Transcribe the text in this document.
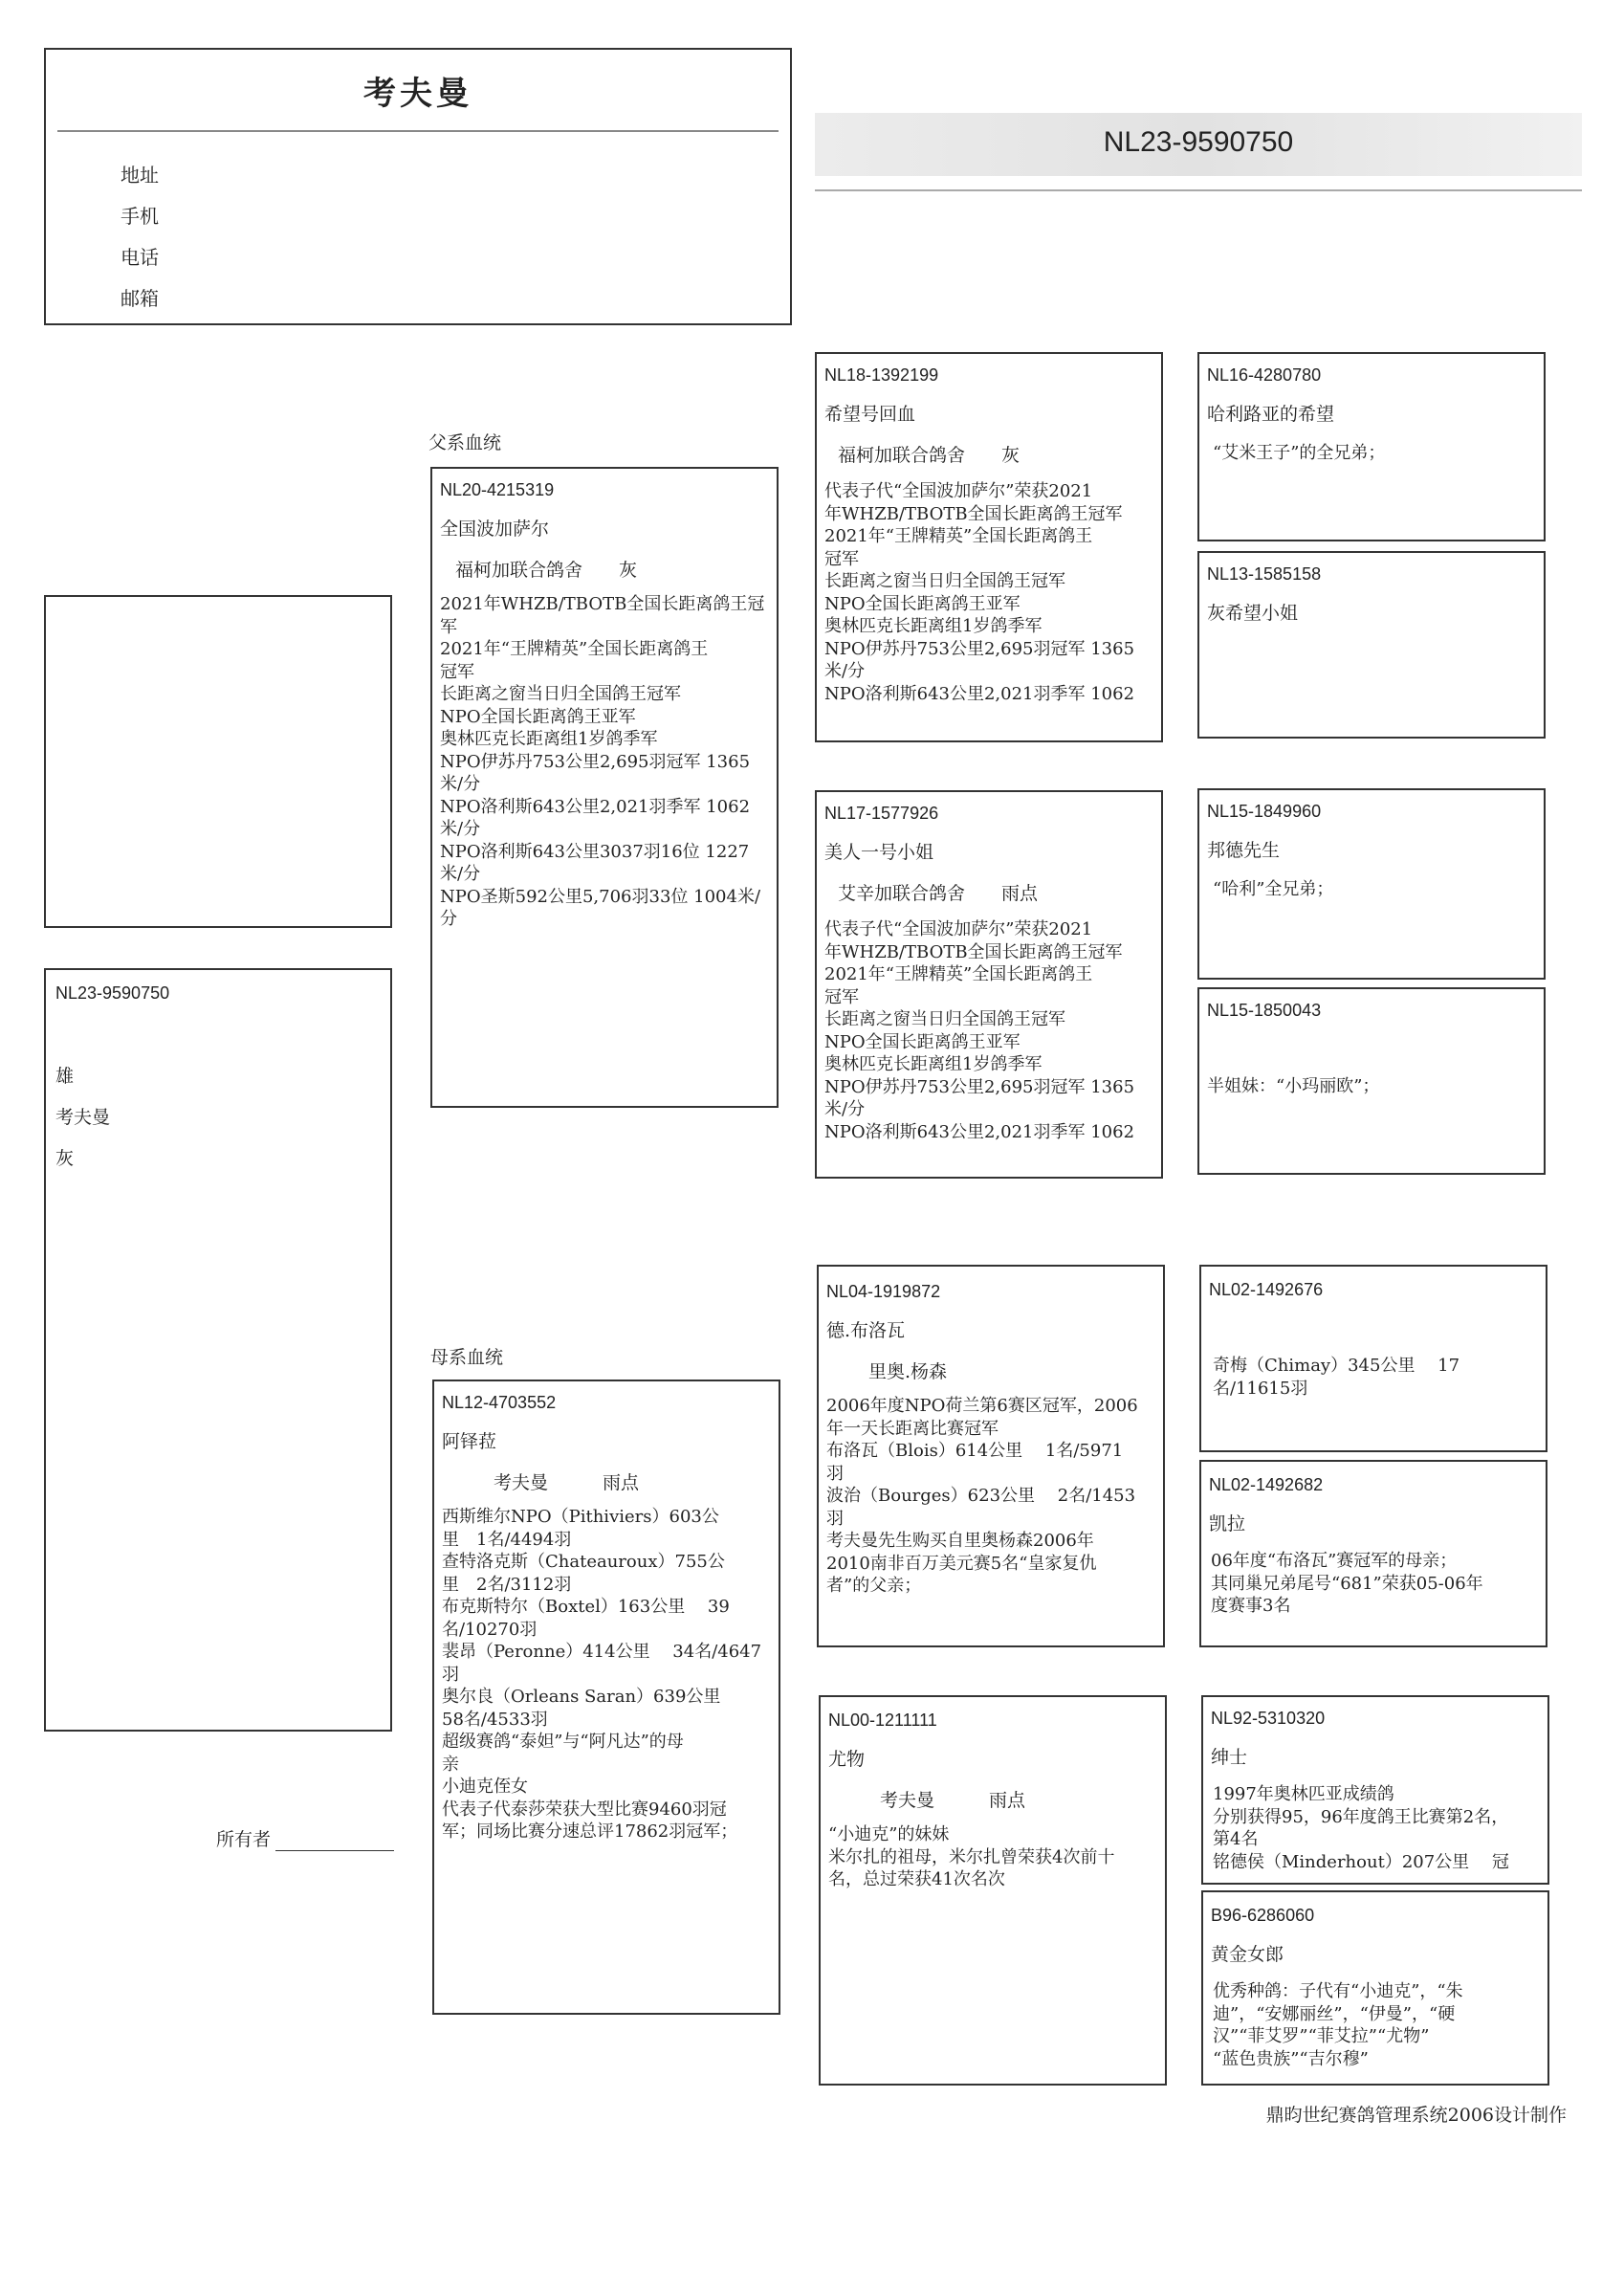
考夫曼
地址
手机
电话
邮箱
NL23-9590750
NL23-9590750
雄
考夫曼
灰
所有者
父系血统
母系血统
NL20-4215319
全国波加萨尔
福柯加联合鸽舍　　灰
2021年WHZB/TBOTB全国长距离鸽王冠
军
2021年“王牌精英”全国长距离鸽王
冠军
长距离之窗当日归全国鸽王冠军
NPO全国长距离鸽王亚军
奥林匹克长距离组1岁鸽季军
NPO伊苏丹753公里2,695羽冠军 1365
米/分
NPO洛利斯643公里2,021羽季军 1062
米/分
NPO洛利斯643公里3037羽16位 1227
米/分
NPO圣斯592公里5,706羽33位 1004米/
分
NL12-4703552
阿铎菈
考夫曼　　　雨点
西斯维尔NPO（Pithiviers）603公
里　1名/4494羽
查特洛克斯（Chateauroux）755公
里　2名/3112羽
布克斯特尔（Boxtel）163公里　 39
名/10270羽
裴昂（Peronne）414公里　 34名/4647
羽
奥尔良（Orleans Saran）639公里
58名/4533羽
超级赛鸽“泰妲”与“阿凡达”的母
亲
小迪克侄女
代表子代泰莎荣获大型比赛9460羽冠
军；同场比赛分速总评17862羽冠军；
NL18-1392199
希望号回血
福柯加联合鸽舍　　灰
代表子代“全国波加萨尔”荣获2021
年WHZB/TBOTB全国长距离鸽王冠军
2021年“王牌精英”全国长距离鸽王
冠军
长距离之窗当日归全国鸽王冠军
NPO全国长距离鸽王亚军
奥林匹克长距离组1岁鸽季军
NPO伊苏丹753公里2,695羽冠军 1365
米/分
NPO洛利斯643公里2,021羽季军 1062
NL17-1577926
美人一号小姐
艾辛加联合鸽舍　　雨点
代表子代“全国波加萨尔”荣获2021
年WHZB/TBOTB全国长距离鸽王冠军
2021年“王牌精英”全国长距离鸽王
冠军
长距离之窗当日归全国鸽王冠军
NPO全国长距离鸽王亚军
奥林匹克长距离组1岁鸽季军
NPO伊苏丹753公里2,695羽冠军 1365
米/分
NPO洛利斯643公里2,021羽季军 1062
NL04-1919872
德.布洛瓦
里奥.杨森
2006年度NPO荷兰第6赛区冠军，2006
年一天长距离比赛冠军
布洛瓦（Blois）614公里　 1名/5971
羽
波治（Bourges）623公里　 2名/1453
羽
考夫曼先生购买自里奥杨森2006年
2010南非百万美元赛5名“皇家复仇
者”的父亲；
NL00-1211111
尤物
考夫曼　　　雨点
“小迪克”的妹妹
米尔扎的祖母，米尔扎曾荣获4次前十
名，总过荣获41次名次
NL16-4280780
哈利路亚的希望
“艾米王子”的全兄弟；
NL13-1585158
灰希望小姐
NL15-1849960
邦德先生
“哈利”全兄弟；
NL15-1850043
半姐妹：“小玛丽欧”；
NL02-1492676
奇梅（Chimay）345公里　 17
名/11615羽
NL02-1492682
凯拉
06年度“布洛瓦”赛冠军的母亲；
其同巢兄弟尾号“681”荣获05-06年
度赛事3名
NL92-5310320
绅士
1997年奥林匹亚成绩鸽
分别获得95，96年度鸽王比赛第2名，
第4名
铭德侯（Minderhout）207公里　 冠
B96-6286060
黄金女郎
优秀种鸽：子代有“小迪克”，“朱
迪”，“安娜丽丝”，“伊曼”，“硬
汉”“菲艾罗”“菲艾拉”“尤物”
“蓝色贵族”“吉尔穆”
鼎昀世纪赛鸽管理系统2006设计制作
